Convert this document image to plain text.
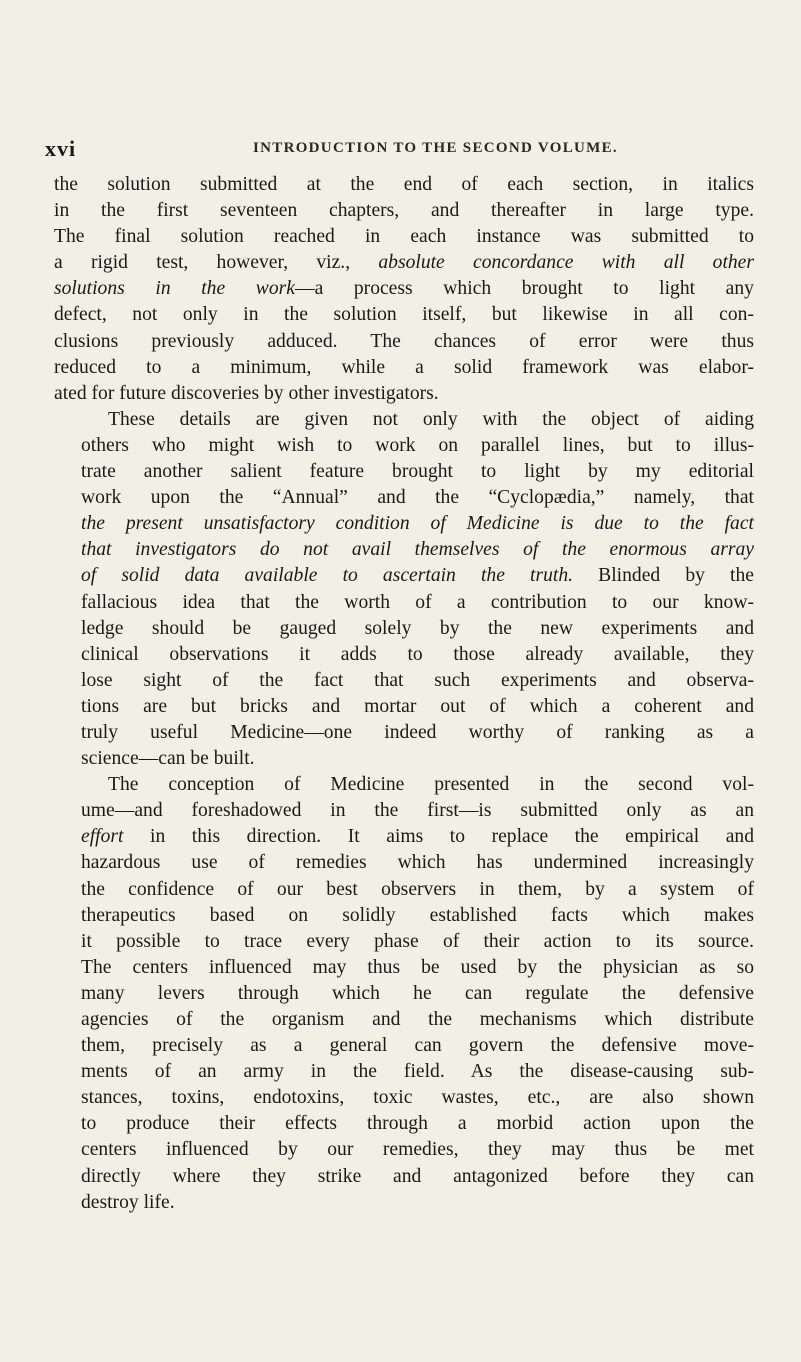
xvi	INTRODUCTION TO THE SECOND VOLUME.

the solution submitted at the end of each section, in italics
in the first seventeen chapters, and thereafter in large type.
The final solution reached in each instance was submitted to
a rigid test, however, viz., absolute concordance with all other
solutions in the work—a process which brought to light any
defect, not only in the solution itself, but likewise in all con-
clusions previously adduced. The chances of error were thus
reduced to a minimum, while a solid framework was elabor-
ated for future discoveries by other investigators.

These details are given not only with the object of aiding
others who might wish to work on parallel lines, but to illus-
trate another salient feature brought to light by my editorial
work upon the “Annual” and the “Cyclopædia,” namely, that
the present unsatisfactory condition of Medicine is due to the fact
that investigators do not avail themselves of the enormous array
of solid data available to ascertain the truth. Blinded by the
fallacious idea that the worth of a contribution to our know-
ledge should be gauged solely by the new experiments and
clinical observations it adds to those already available, they
lose sight of the fact that such experiments and observa-
tions are but bricks and mortar out of which a coherent and
truly useful Medicine—one indeed worthy of ranking as a
science—can be built.

The conception of Medicine presented in the second vol-
ume—and foreshadowed in the first—is submitted only as an
effort in this direction. It aims to replace the empirical and
hazardous use of remedies which has undermined increasingly
the confidence of our best observers in them, by a system of
therapeutics based on solidly established facts which makes
it possible to trace every phase of their action to its source.
The centers influenced may thus be used by the physician as so
many levers through which he can regulate the defensive
agencies of the organism and the mechanisms which distribute
them, precisely as a general can govern the defensive move-
ments of an army in the field. As the disease-causing sub-
stances, toxins, endotoxins, toxic wastes, etc., are also shown
to produce their effects through a morbid action upon the
centers influenced by our remedies, they may thus be met
directly where they strike and antagonized before they can
destroy life.
